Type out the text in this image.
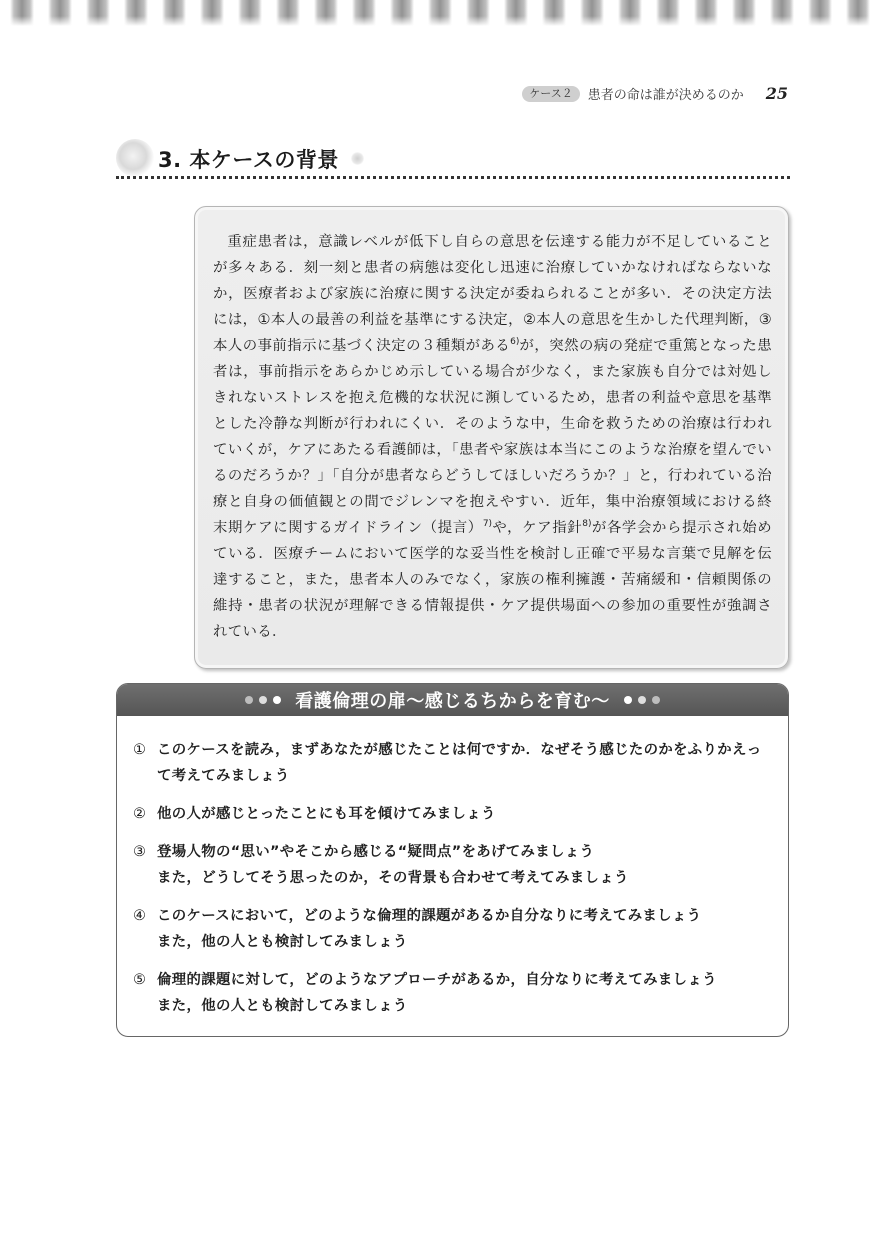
ケース２	患者の命は誰が決めるのか 25
3. 本ケースの背景

重症患者は，意識レベルが低下し自らの意思を伝達する能力が不足していることが多々ある．刻一刻と患者の病態は変化し迅速に治療していかなければならないなか，医療者および家族に治療に関する決定が委ねられることが多い．その決定方法には，①本人の最善の利益を基準にする決定，②本人の意思を生かした代理判断，③本人の事前指示に基づく決定の３種類がある$^{6)}$が，突然の病の発症で重篤となった患者は，事前指示をあらかじめ示している場合が少なく，また家族も自分では対処しきれないストレスを抱え危機的な状況に瀕しているため，患者の利益や意思を基準とした冷静な判断が行われにくい．そのような中，生命を救うための治療は行われていくが，ケアにあたる看護師は，「患者や家族は本当にこのような治療を望んでいるのだろうか？」「自分が患者ならどうしてほしいだろうか？」と，行われている治療と自身の価値観との間でジレンマを抱えやすい．近年，集中治療領域における終末期ケアに関するガイドライン（提言）$^{7)}$や，ケア指針$^{8)}$が各学会から提示され始めている．医療チームにおいて医学的な妥当性を検討し正確で平易な言葉で見解を伝達すること，また，患者本人のみでなく，家族の権利擁護・苦痛緩和・信頼関係の維持・患者の状況が理解できる情報提供・ケア提供場面への参加の重要性が強調されている．

看護倫理の扉～感じるちからを育む～
① このケースを読み，まずあなたが感じたことは何ですか．なぜそう感じたのかをふりかえって考えてみましょう
② 他の人が感じとったことにも耳を傾けてみましょう
③ 登場人物の“思い”やそこから感じる“疑問点”をあげてみましょう
また，どうしてそう思ったのか，その背景も合わせて考えてみましょう
④ このケースにおいて，どのような倫理的課題があるか自分なりに考えてみましょう
また，他の人とも検討してみましょう
⑤ 倫理的課題に対して，どのようなアプローチがあるか，自分なりに考えてみましょう
また，他の人とも検討してみましょう
